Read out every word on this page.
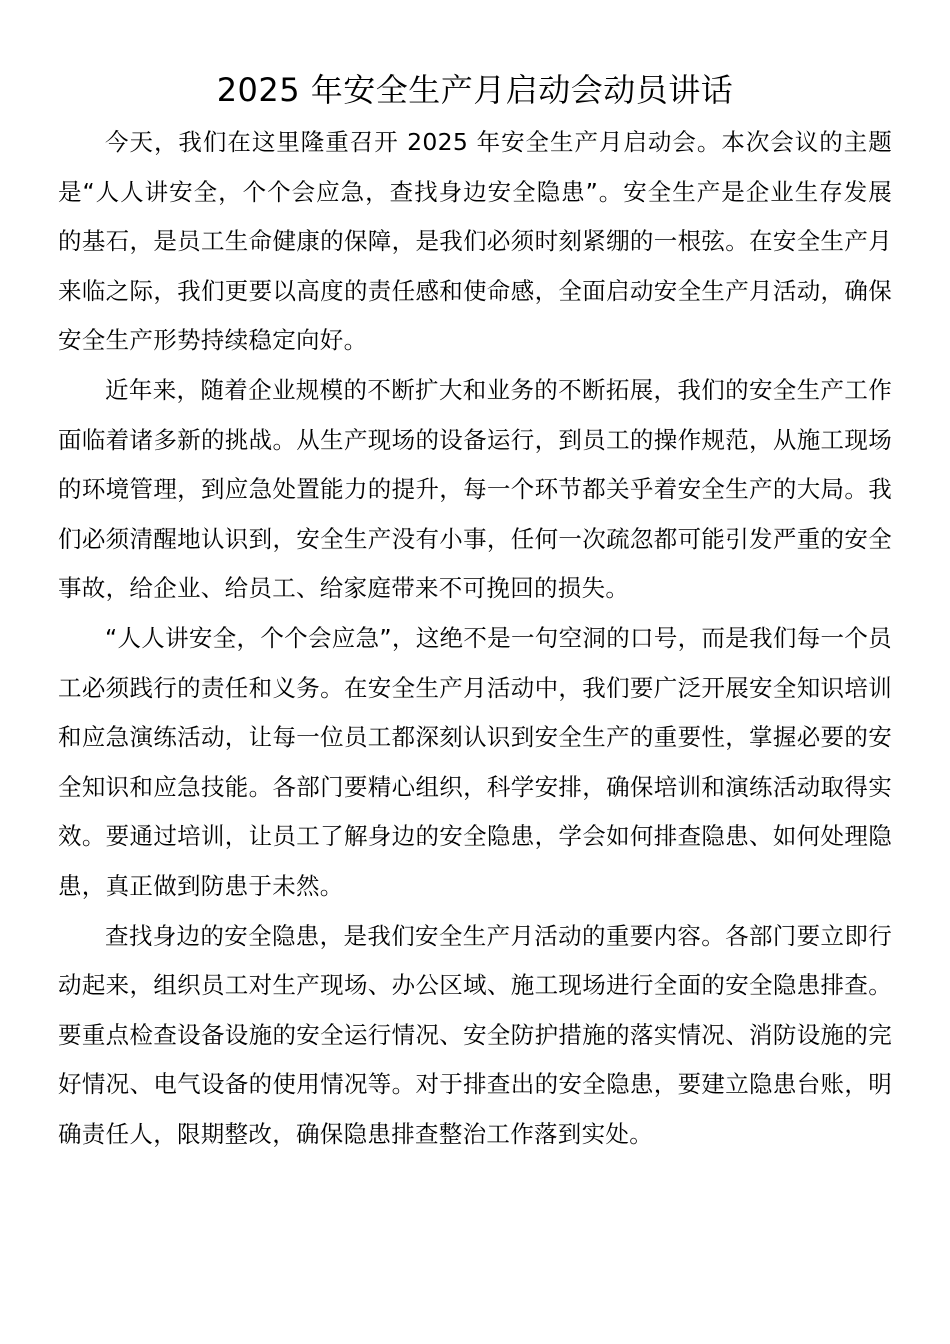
2025 年安全生产月启动会动员讲话

今天，我们在这里隆重召开 2025 年安全生产月启动会。本次会议的主题是“人人讲安全，个个会应急，查找身边安全隐患”。安全生产是企业生存发展的基石，是员工生命健康的保障，是我们必须时刻紧绷的一根弦。在安全生产月来临之际，我们更要以高度的责任感和使命感，全面启动安全生产月活动，确保安全生产形势持续稳定向好。

近年来，随着企业规模的不断扩大和业务的不断拓展，我们的安全生产工作面临着诸多新的挑战。从生产现场的设备运行，到员工的操作规范，从施工现场的环境管理，到应急处置能力的提升，每一个环节都关乎着安全生产的大局。我们必须清醒地认识到，安全生产没有小事，任何一次疏忽都可能引发严重的安全事故，给企业、给员工、给家庭带来不可挽回的损失。

“人人讲安全，个个会应急”，这绝不是一句空洞的口号，而是我们每一个员工必须践行的责任和义务。在安全生产月活动中，我们要广泛开展安全知识培训和应急演练活动，让每一位员工都深刻认识到安全生产的重要性，掌握必要的安全知识和应急技能。各部门要精心组织，科学安排，确保培训和演练活动取得实效。要通过培训，让员工了解身边的安全隐患，学会如何排查隐患、如何处理隐患，真正做到防患于未然。

查找身边的安全隐患，是我们安全生产月活动的重要内容。各部门要立即行动起来，组织员工对生产现场、办公区域、施工现场进行全面的安全隐患排查。要重点检查设备设施的安全运行情况、安全防护措施的落实情况、消防设施的完好情况、电气设备的使用情况等。对于排查出的安全隐患，要建立隐患台账，明确责任人，限期整改，确保隐患排查整治工作落到实处。
